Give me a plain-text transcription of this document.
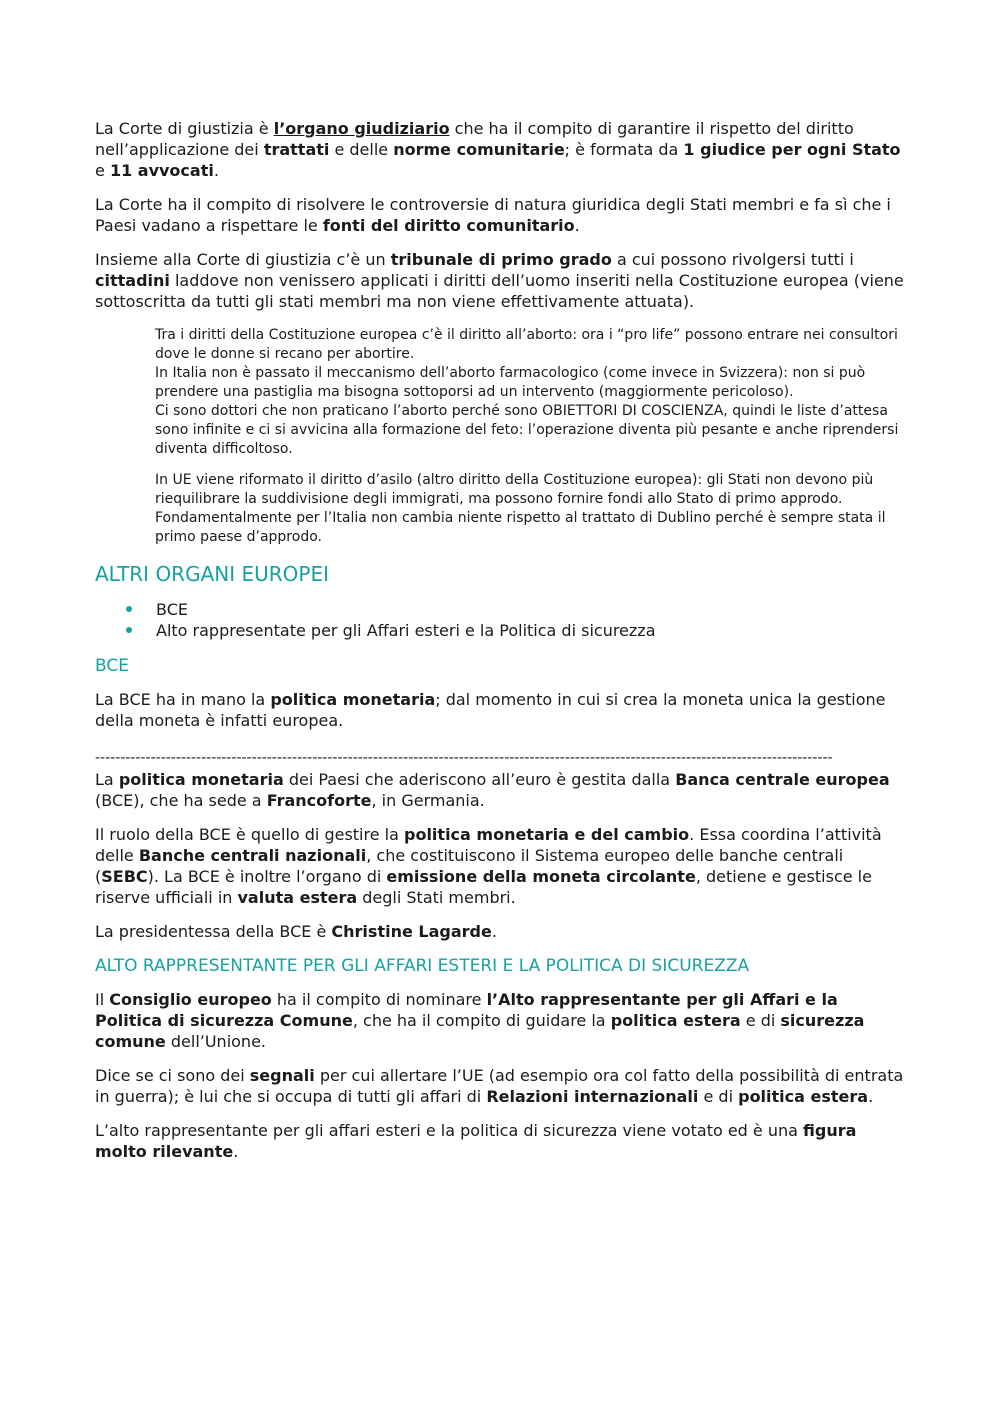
La Corte di giustizia è l’organo giudiziario che ha il compito di garantire il rispetto del diritto nell’applicazione dei trattati e delle norme comunitarie; è formata da 1 giudice per ogni Stato e 11 avvocati.

La Corte ha il compito di risolvere le controversie di natura giuridica degli Stati membri e fa sì che i Paesi vadano a rispettare le fonti del diritto comunitario.

Insieme alla Corte di giustizia c’è un tribunale di primo grado a cui possono rivolgersi tutti i cittadini laddove non venissero applicati i diritti dell’uomo inseriti nella Costituzione europea (viene sottoscritta da tutti gli stati membri ma non viene effettivamente attuata).

Tra i diritti della Costituzione europea c’è il diritto all’aborto: ora i “pro life” possono entrare nei consultori dove le donne si recano per abortire.
In Italia non è passato il meccanismo dell’aborto farmacologico (come invece in Svizzera): non si può prendere una pastiglia ma bisogna sottoporsi ad un intervento (maggiormente pericoloso).
Ci sono dottori che non praticano l’aborto perché sono OBIETTORI DI COSCIENZA, quindi le liste d’attesa sono infinite e ci si avvicina alla formazione del feto: l’operazione diventa più pesante e anche riprendersi diventa difficoltoso.

In UE viene riformato il diritto d’asilo (altro diritto della Costituzione europea): gli Stati non devono più riequilibrare la suddivisione degli immigrati, ma possono fornire fondi allo Stato di primo approdo.
Fondamentalmente per l’Italia non cambia niente rispetto al trattato di Dublino perché è sempre stata il primo paese d’approdo.

ALTRI ORGANI EUROPEI
BCE
Alto rappresentate per gli Affari esteri e la Politica di sicurezza
BCE

La BCE ha in mano la politica monetaria; dal momento in cui si crea la moneta unica la gestione della moneta è infatti europea.

--------------------------------------------------------------------------------------------------------------------------------------------------

La politica monetaria dei Paesi che aderiscono all’euro è gestita dalla Banca centrale europea (BCE), che ha sede a Francoforte, in Germania.

Il ruolo della BCE è quello di gestire la politica monetaria e del cambio. Essa coordina l’attività delle Banche centrali nazionali, che costituiscono il Sistema europeo delle banche centrali (SEBC). La BCE è inoltre l’organo di emissione della moneta circolante, detiene e gestisce le riserve ufficiali in valuta estera degli Stati membri.

La presidentessa della BCE è Christine Lagarde.

ALTO RAPPRESENTANTE PER GLI AFFARI ESTERI E LA POLITICA DI SICUREZZA

Il Consiglio europeo ha il compito di nominare l’Alto rappresentante per gli Affari e la Politica di sicurezza Comune, che ha il compito di guidare la politica estera e di sicurezza comune dell’Unione.

Dice se ci sono dei segnali per cui allertare l’UE (ad esempio ora col fatto della possibilità di entrata in guerra); è lui che si occupa di tutti gli affari di Relazioni internazionali e di politica estera.

L’alto rappresentante per gli affari esteri e la politica di sicurezza viene votato ed è una figura molto rilevante.
